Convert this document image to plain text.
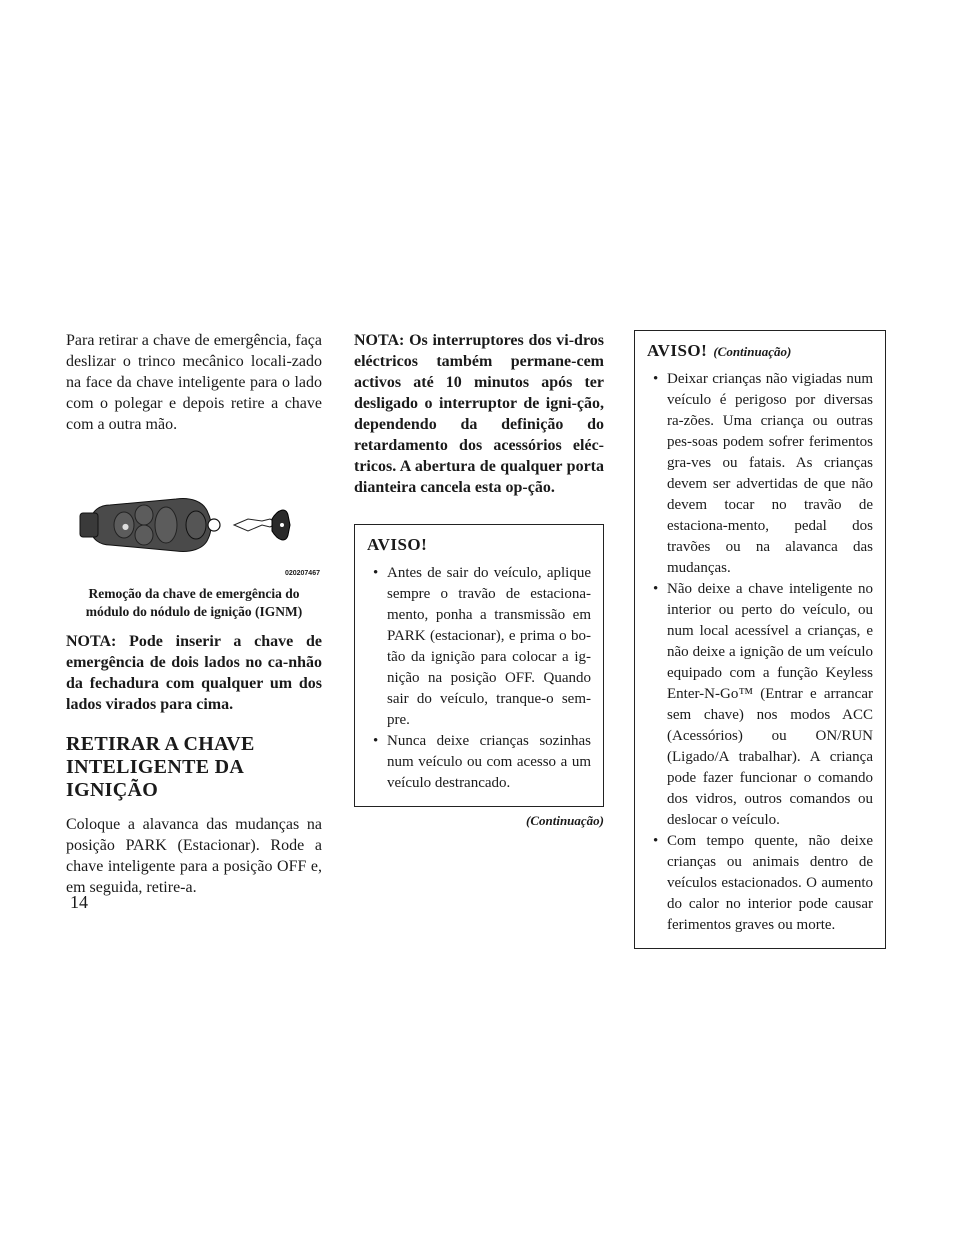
Para retirar a chave de emergência, faça deslizar o trinco mecânico locali-zado na face da chave inteligente para o lado com o polegar e depois retire a chave com a outra mão.

●
020207467

Remoção da chave de emergência do módulo do nódulo de ignição (IGNM)

NOTA: Pode inserir a chave de emergência de dois lados no ca-nhão da fechadura com qualquer um dos lados virados para cima.

RETIRAR A CHAVE
INTELIGENTE DA IGNIÇÃO

Coloque a alavanca das mudanças na posição PARK (Estacionar). Rode a chave inteligente para a posição OFF e, em seguida, retire-a.

NOTA: Os interruptores dos vi-dros eléctricos também permane-cem activos até 10 minutos após ter desligado o interruptor de igni-ção, dependendo da definição do retardamento dos acessórios eléc-tricos. A abertura de qualquer porta dianteira cancela esta op-ção.

AVISO!

• Antes de sair do veículo, aplique sempre o travão de estaciona-mento, ponha a transmissão em PARK (estacionar), e prima o bo-tão da ignição para colocar a ig-nição na posição OFF. Quando sair do veículo, tranque-o sem-pre.
• Nunca deixe crianças sozinhas num veículo ou com acesso a um veículo destrancado.
(Continuação)

AVISO! (Continuação)

• Deixar crianças não vigiadas num veículo é perigoso por diversas ra-zões. Uma criança ou outras pes-soas podem sofrer ferimentos gra-ves ou fatais. As crianças devem ser advertidas de que não devem tocar no travão de estaciona-mento, pedal dos travões ou na alavanca das mudanças.
• Não deixe a chave inteligente no interior ou perto do veículo, ou num local acessível a crianças, e não deixe a ignição de um veículo equipado com a função Keyless Enter-N-Go™ (Entrar e arrancar sem chave) nos modos ACC (Acessórios) ou ON/RUN (Ligado/A trabalhar). A criança pode fazer funcionar o comando dos vidros, outros comandos ou deslocar o veículo.
• Com tempo quente, não deixe crianças ou animais dentro de veículos estacionados. O aumento do calor no interior pode causar ferimentos graves ou morte.
14
